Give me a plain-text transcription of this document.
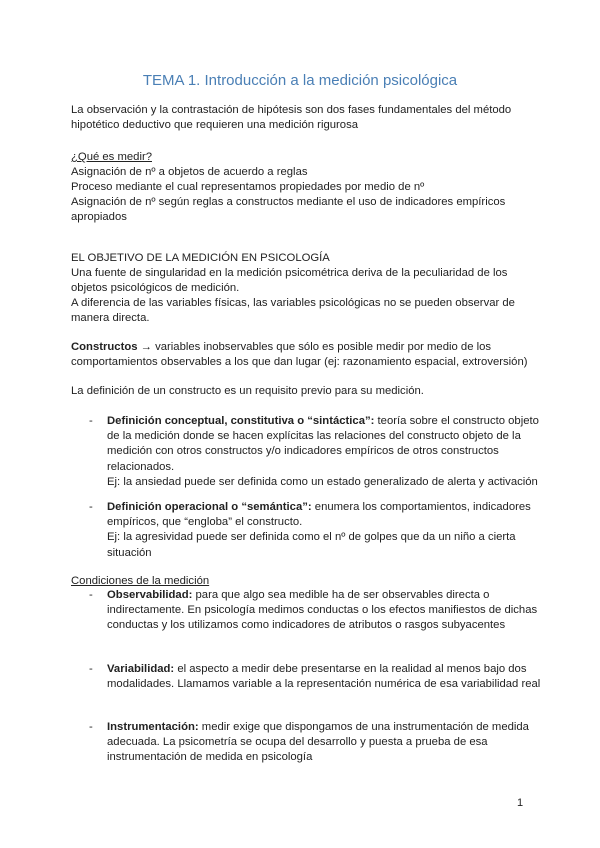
TEMA 1. Introducción a la medición psicológica
La observación y la contrastación de hipótesis son dos fases fundamentales del método hipotético deductivo que requieren una medición rigurosa
¿Qué es medir?
Asignación de nº a objetos de acuerdo a reglas
Proceso mediante el cual representamos propiedades por medio de nº
Asignación de nº según reglas a constructos mediante el uso de indicadores empíricos apropiados
EL OBJETIVO DE LA MEDICIÓN EN PSICOLOGÍA
Una fuente de singularidad en la medición psicométrica deriva de la peculiaridad de los objetos psicológicos de medición.
A diferencia de las variables físicas, las variables psicológicas no se pueden observar de manera directa.
Constructos → variables inobservables que sólo es posible medir por medio de los comportamientos observables a los que dan lugar (ej: razonamiento espacial, extroversión)
La definición de un constructo es un requisito previo para su medición.
- Definición conceptual, constitutiva o “sintáctica”: teoría sobre el constructo objeto de la medición donde se hacen explícitas las relaciones del constructo objeto de la medición con otros constructos y/o indicadores empíricos de otros constructos relacionados.
Ej: la ansiedad puede ser definida como un estado generalizado de alerta y activación
- Definición operacional o “semántica”: enumera los comportamientos, indicadores empíricos, que “engloba” el constructo.
Ej: la agresividad puede ser definida como el nº de golpes que da un niño a cierta situación
Condiciones de la medición
- Observabilidad: para que algo sea medible ha de ser observables directa o indirectamente. En psicología medimos conductas o los efectos manifiestos de dichas conductas y los utilizamos como indicadores de atributos o rasgos subyacentes
- Variabilidad: el aspecto a medir debe presentarse en la realidad al menos bajo dos modalidades. Llamamos variable a la representación numérica de esa variabilidad real
- Instrumentación: medir exige que dispongamos de una instrumentación de medida adecuada. La psicometría se ocupa del desarrollo y puesta a prueba de esa instrumentación de medida en psicología
1
